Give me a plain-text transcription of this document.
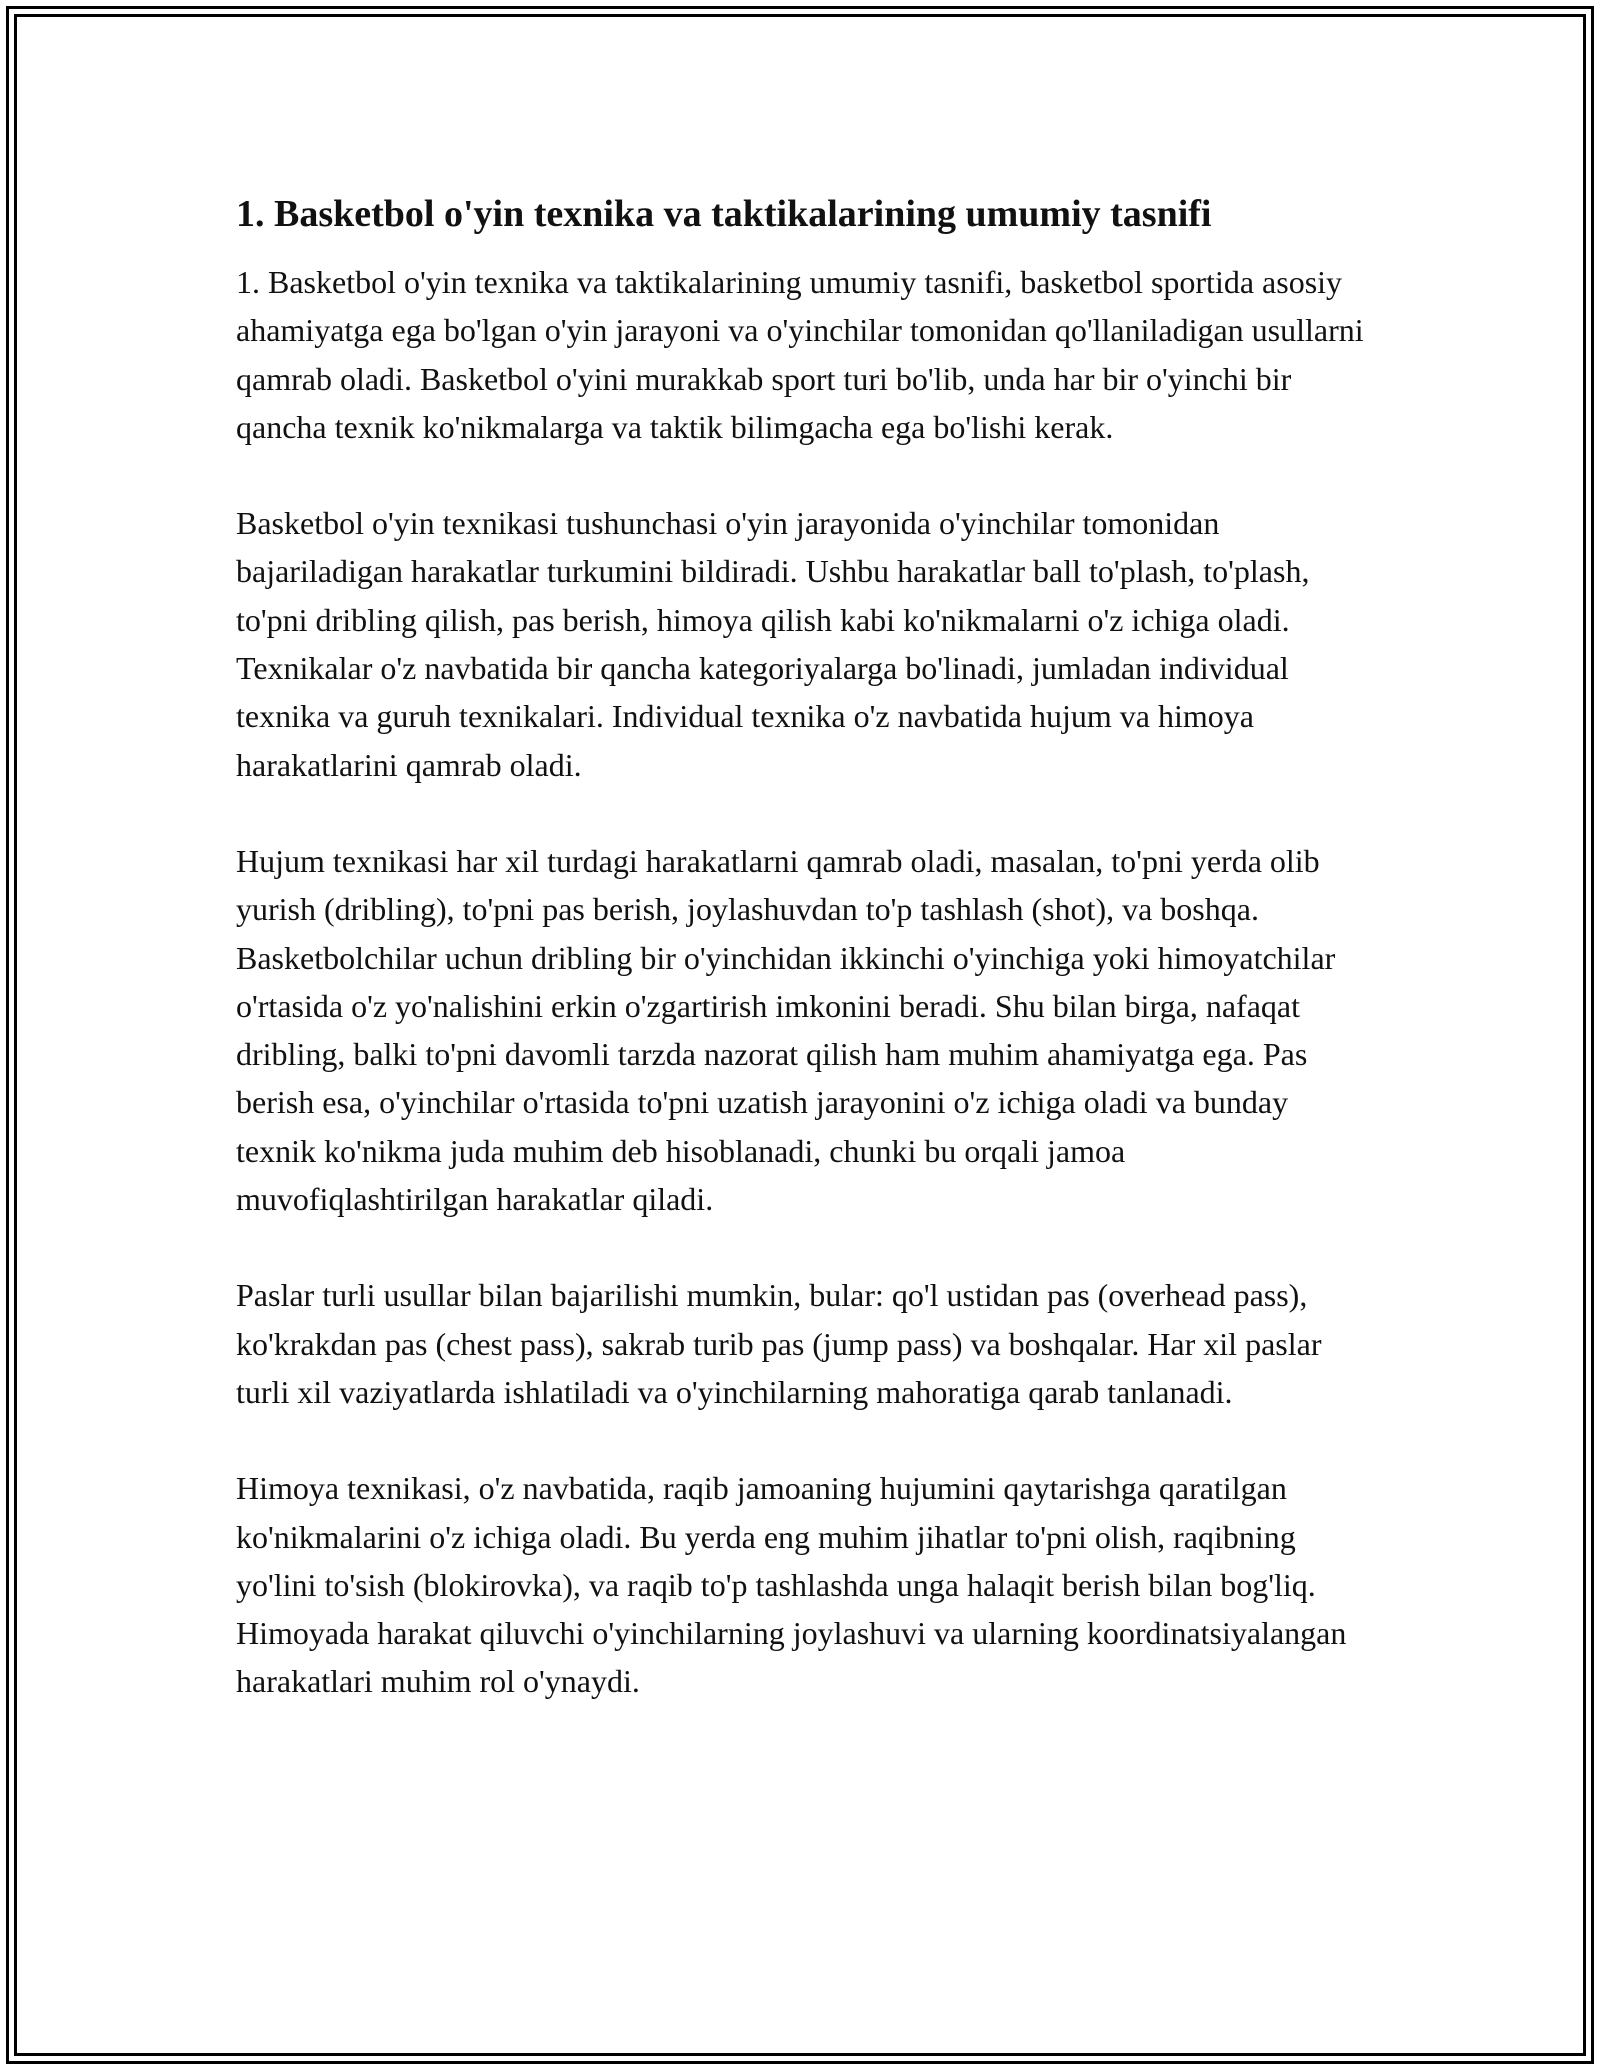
1. Basketbol o'yin texnika va taktikalarining umumiy tasnifi

1. Basketbol o'yin texnika va taktikalarining umumiy tasnifi, basketbol sportida asosiy ahamiyatga ega bo'lgan o'yin jarayoni va o'yinchilar tomonidan qo'llaniladigan usullarni qamrab oladi. Basketbol o'yini murakkab sport turi bo'lib, unda har bir o'yinchi bir qancha texnik ko'nikmalarga va taktik bilimgacha ega bo'lishi kerak.

Basketbol o'yin texnikasi tushunchasi o'yin jarayonida o'yinchilar tomonidan bajariladigan harakatlar turkumini bildiradi. Ushbu harakatlar ball to'plash, to'plash, to'pni dribling qilish, pas berish, himoya qilish kabi ko'nikmalarni o'z ichiga oladi. Texnikalar o'z navbatida bir qancha kategoriyalarga bo'linadi, jumladan individual texnika va guruh texnikalari. Individual texnika o'z navbatida hujum va himoya harakatlarini qamrab oladi.

Hujum texnikasi har xil turdagi harakatlarni qamrab oladi, masalan, to'pni yerda olib yurish (dribling), to'pni pas berish, joylashuvdan to'p tashlash (shot), va boshqa. Basketbolchilar uchun dribling bir o'yinchidan ikkinchi o'yinchiga yoki himoyatchilar o'rtasida o'z yo'nalishini erkin o'zgartirish imkonini beradi. Shu bilan birga, nafaqat dribling, balki to'pni davomli tarzda nazorat qilish ham muhim ahamiyatga ega. Pas berish esa, o'yinchilar o'rtasida to'pni uzatish jarayonini o'z ichiga oladi va bunday texnik ko'nikma juda muhim deb hisoblanadi, chunki bu orqali jamoa muvofiqlashtirilgan harakatlar qiladi.

Paslar turli usullar bilan bajarilishi mumkin, bular: qo'l ustidan pas (overhead pass), ko'krakdan pas (chest pass), sakrab turib pas (jump pass) va boshqalar. Har xil paslar turli xil vaziyatlarda ishlatiladi va o'yinchilarning mahoratiga qarab tanlanadi.

Himoya texnikasi, o'z navbatida, raqib jamoaning hujumini qaytarishga qaratilgan ko'nikmalarini o'z ichiga oladi. Bu yerda eng muhim jihatlar to'pni olish, raqibning yo'lini to'sish (blokirovka), va raqib to'p tashlashda unga halaqit berish bilan bog'liq. Himoyada harakat qiluvchi o'yinchilarning joylashuvi va ularning koordinatsiyalangan harakatlari muhim rol o'ynaydi.
